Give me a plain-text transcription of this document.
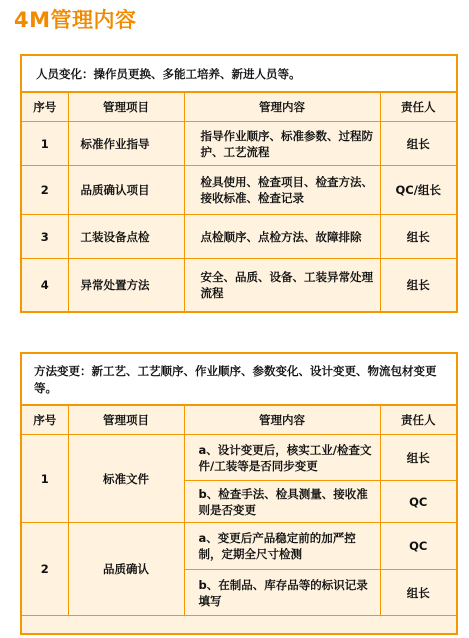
4M管理内容
人员变化：操作员更换、多能工培养、新进人员等。
序号	管理项目	管理内容	责任人
1	标准作业指导	指导作业顺序、标准参数、过程防护、工艺流程	组长
2	品质确认项目	检具使用、检查项目、检查方法、接收标准、检查记录	QC/组长
3	工装设备点检	点检顺序、点检方法、故障排除	组长
4	异常处置方法	安全、品质、设备、工装异常处理流程	组长
方法变更：新工艺、工艺顺序、作业顺序、参数变化、设计变更、物流包材变更等。
序号	管理项目	管理内容	责任人
1	标准文件	a、设计变更后，核实工业/检查文件/工装等是否同步变更	组长
		b、检查手法、检具测量、接收准则是否变更	QC
2	品质确认	a、变更后产品稳定前的加严控制，定期全尺寸检测	QC
		b、在制品、库存品等的标识记录填写	组长
